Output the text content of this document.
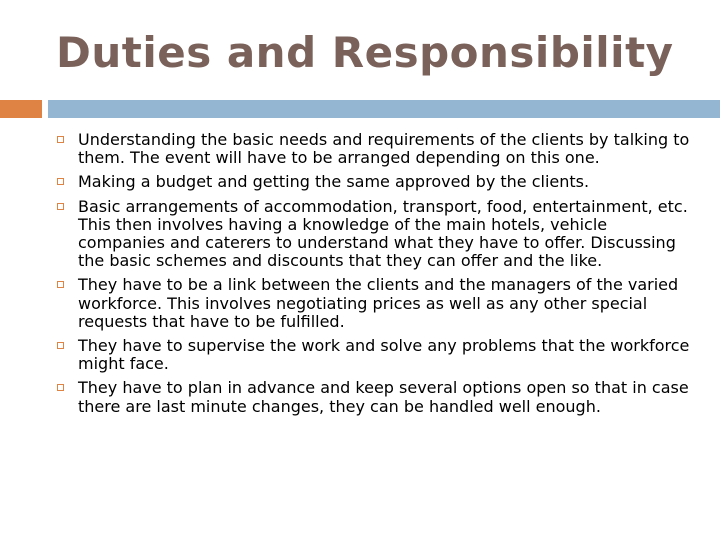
Duties and Responsibility
Understanding the basic needs and requirements of the clients by talking to them. The event will have to be arranged depending on this one.
Making a budget and getting the same approved by the clients.
Basic arrangements of accommodation, transport, food, entertainment, etc. This then involves having a knowledge of the main hotels, vehicle companies and caterers to understand what they have to offer. Discussing the basic schemes and discounts that they can offer and the like.
They have to be a link between the clients and the managers of the varied workforce. This involves negotiating prices as well as any other special requests that have to be fulfilled.
They have to supervise the work and solve any problems that the workforce might face.
They have to plan in advance and keep several options open so that in case there are last minute changes, they can be handled well enough.
